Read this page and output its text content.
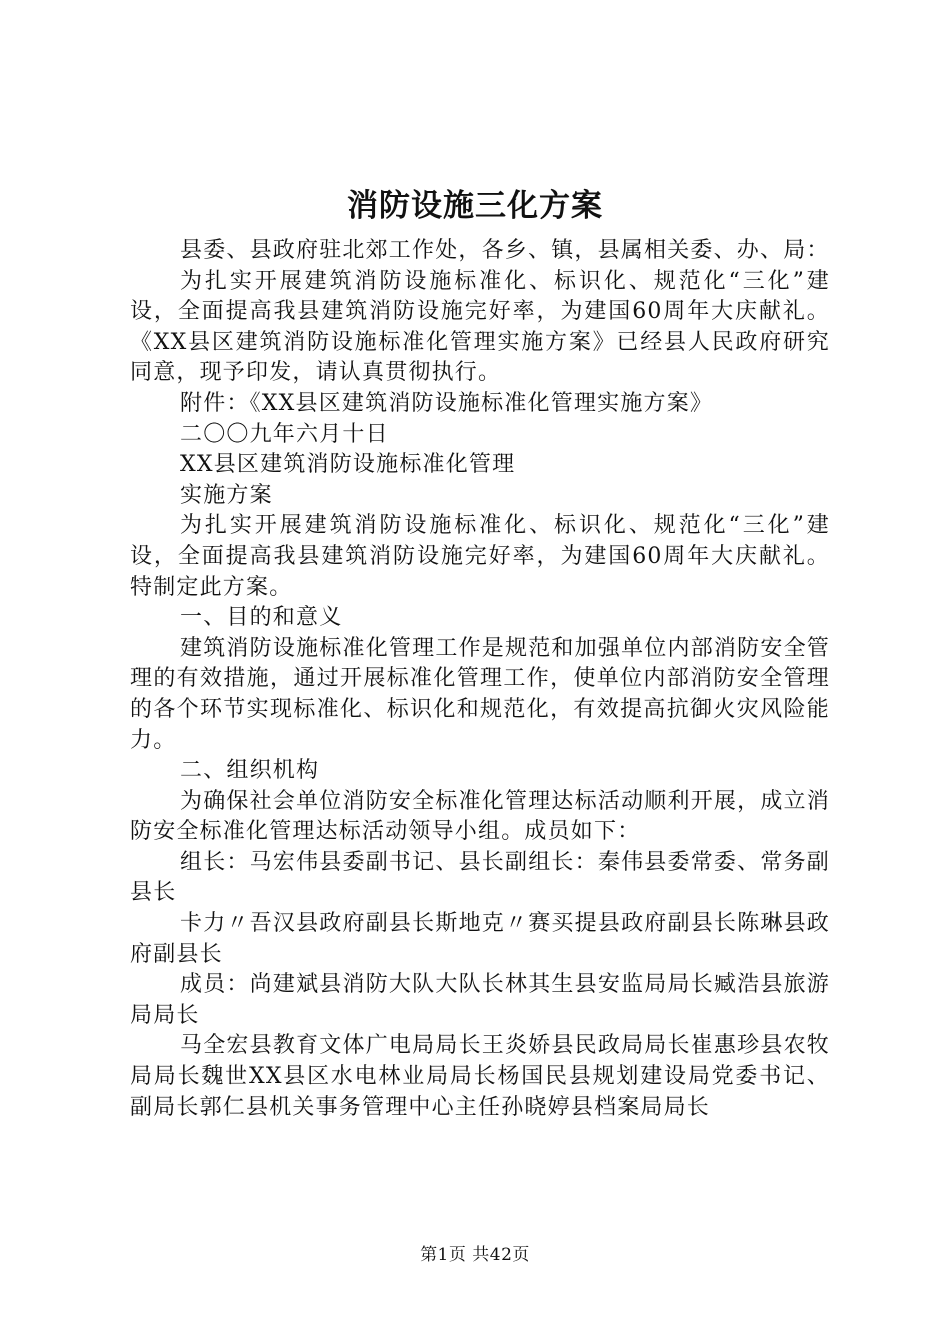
消防设施三化方案

县委、县政府驻北郊工作处，各乡、镇，县属相关委、办、局：

为扎实开展建筑消防设施标准化、标识化、规范化“三化”建设，全面提高我县建筑消防设施完好率，为建国60周年大庆献礼。《XX县区建筑消防设施标准化管理实施方案》已经县人民政府研究同意，现予印发，请认真贯彻执行。

附件：《XX县区建筑消防设施标准化管理实施方案》

二〇〇九年六月十日

XX县区建筑消防设施标准化管理

实施方案

为扎实开展建筑消防设施标准化、标识化、规范化“三化”建设，全面提高我县建筑消防设施完好率，为建国60周年大庆献礼。特制定此方案。

一、目的和意义

建筑消防设施标准化管理工作是规范和加强单位内部消防安全管理的有效措施，通过开展标准化管理工作，使单位内部消防安全管理的各个环节实现标准化、标识化和规范化，有效提高抗御火灾风险能力。

二、组织机构

为确保社会单位消防安全标准化管理达标活动顺利开展，成立消防安全标准化管理达标活动领导小组。成员如下：

组长：马宏伟县委副书记、县长副组长：秦伟县委常委、常务副县长

卡力〃吾汉县政府副县长斯地克〃赛买提县政府副县长陈琳县政府副县长

成员：尚建斌县消防大队大队长林其生县安监局局长臧浩县旅游局局长

马全宏县教育文体广电局局长王炎娇县民政局局长崔惠珍县农牧局局长魏世XX县区水电林业局局长杨国民县规划建设局党委书记、副局长郭仁县机关事务管理中心主任孙晓婷县档案局局长

第1页 共42页
